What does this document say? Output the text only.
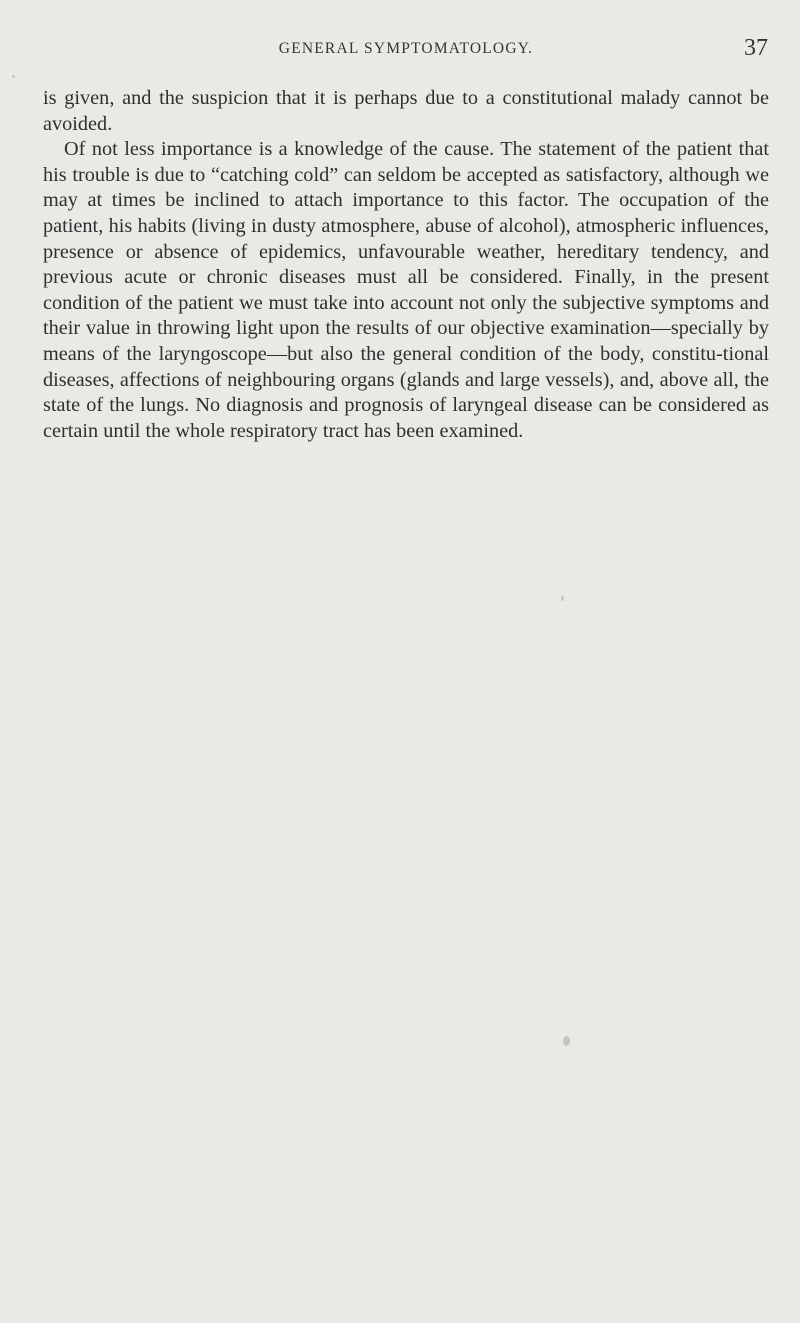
GENERAL SYMPTOMATOLOGY.	37

is given, and the suspicion that it is perhaps due to a constitutional malady cannot be avoided.

Of not less importance is a knowledge of the cause. The statement of the patient that his trouble is due to “catching cold” can seldom be accepted as satisfactory, although we may at times be inclined to attach importance to this factor. The occupation of the patient, his habits (living in dusty atmosphere, abuse of alcohol), atmospheric influences, presence or absence of epidemics, unfavourable weather, hereditary tendency, and previous acute or chronic diseases must all be considered. Finally, in the present condition of the patient we must take into account not only the subjective symptoms and their value in throwing light upon the results of our objective examination—specially by means of the laryngoscope—but also the general condition of the body, constitu-tional diseases, affections of neighbouring organs (glands and large vessels), and, above all, the state of the lungs. No diagnosis and prognosis of laryngeal disease can be considered as certain until the whole respiratory tract has been examined.
